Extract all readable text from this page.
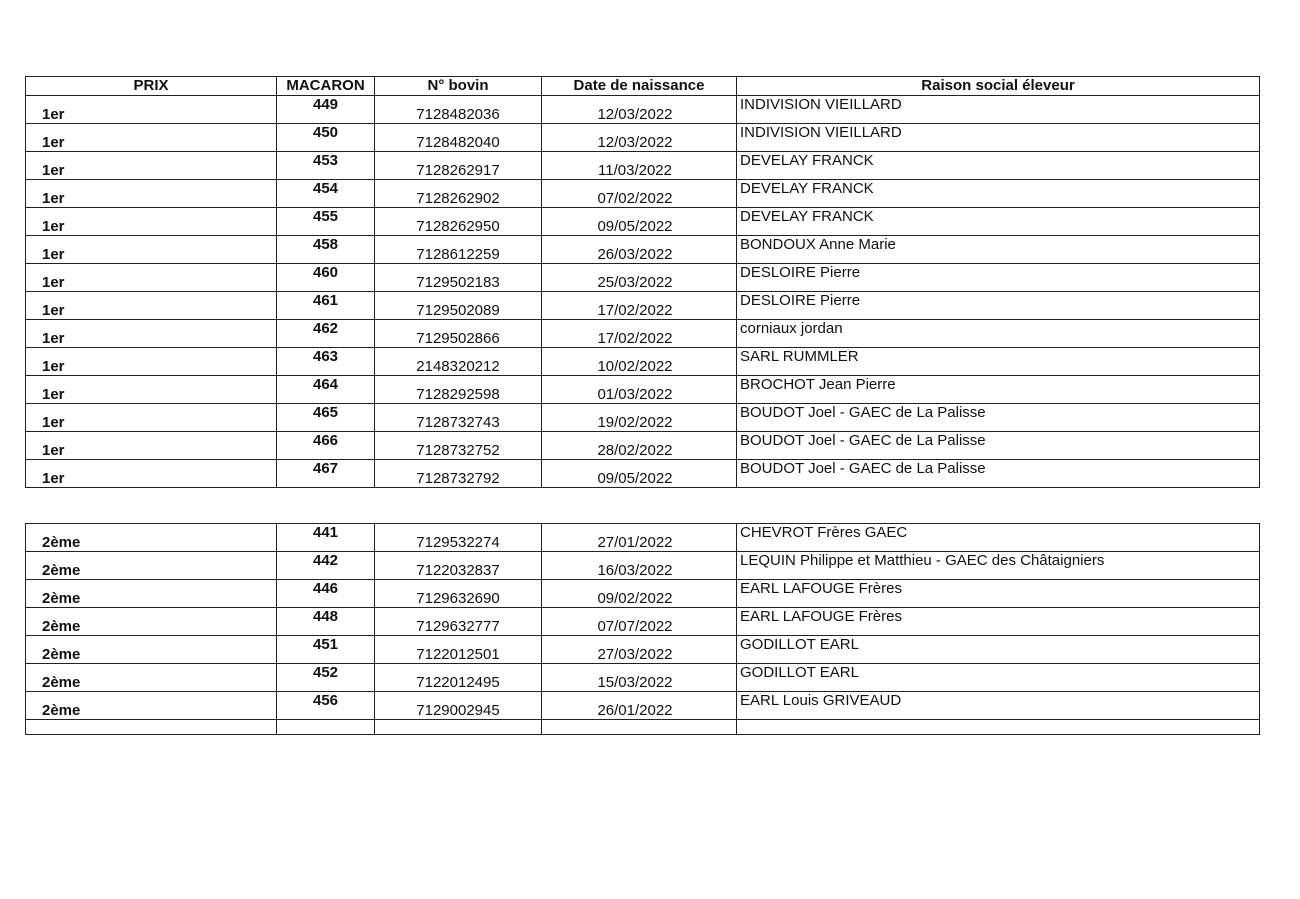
PRIX	MACARON	N° bovin	Date de naissance	Raison social éleveur

1er	449	7128482036	12/03/2022	INDIVISION VIEILLARD

1er	450	7128482040	12/03/2022	INDIVISION VIEILLARD

1er	453	7128262917	11/03/2022	DEVELAY FRANCK

1er	454	7128262902	07/02/2022	DEVELAY FRANCK

1er	455	7128262950	09/05/2022	DEVELAY FRANCK

1er	458	7128612259	26/03/2022	BONDOUX Anne Marie

1er	460	7129502183	25/03/2022	DESLOIRE Pierre

1er	461	7129502089	17/02/2022	DESLOIRE Pierre

1er	462	7129502866	17/02/2022	corniaux jordan

1er	463	2148320212	10/02/2022	SARL RUMMLER

1er	464	7128292598	01/03/2022	BROCHOT Jean Pierre

1er	465	7128732743	19/02/2022	BOUDOT Joel - GAEC de La Palisse

1er	466	7128732752	28/02/2022	BOUDOT Joel - GAEC de La Palisse

1er	467	7128732792	09/05/2022	BOUDOT Joel - GAEC de La Palisse
2ème	441	7129532274	27/01/2022	CHEVROT Frères GAEC

2ème	442	7122032837	16/03/2022	LEQUIN Philippe et Matthieu - GAEC des Châtaigniers

2ème	446	7129632690	09/02/2022	EARL LAFOUGE Frères

2ème	448	7129632777	07/07/2022	EARL LAFOUGE Frères

2ème	451	7122012501	27/03/2022	GODILLOT EARL

2ème	452	7122012495	15/03/2022	GODILLOT EARL

2ème	456	7129002945	26/01/2022	EARL Louis GRIVEAUD
